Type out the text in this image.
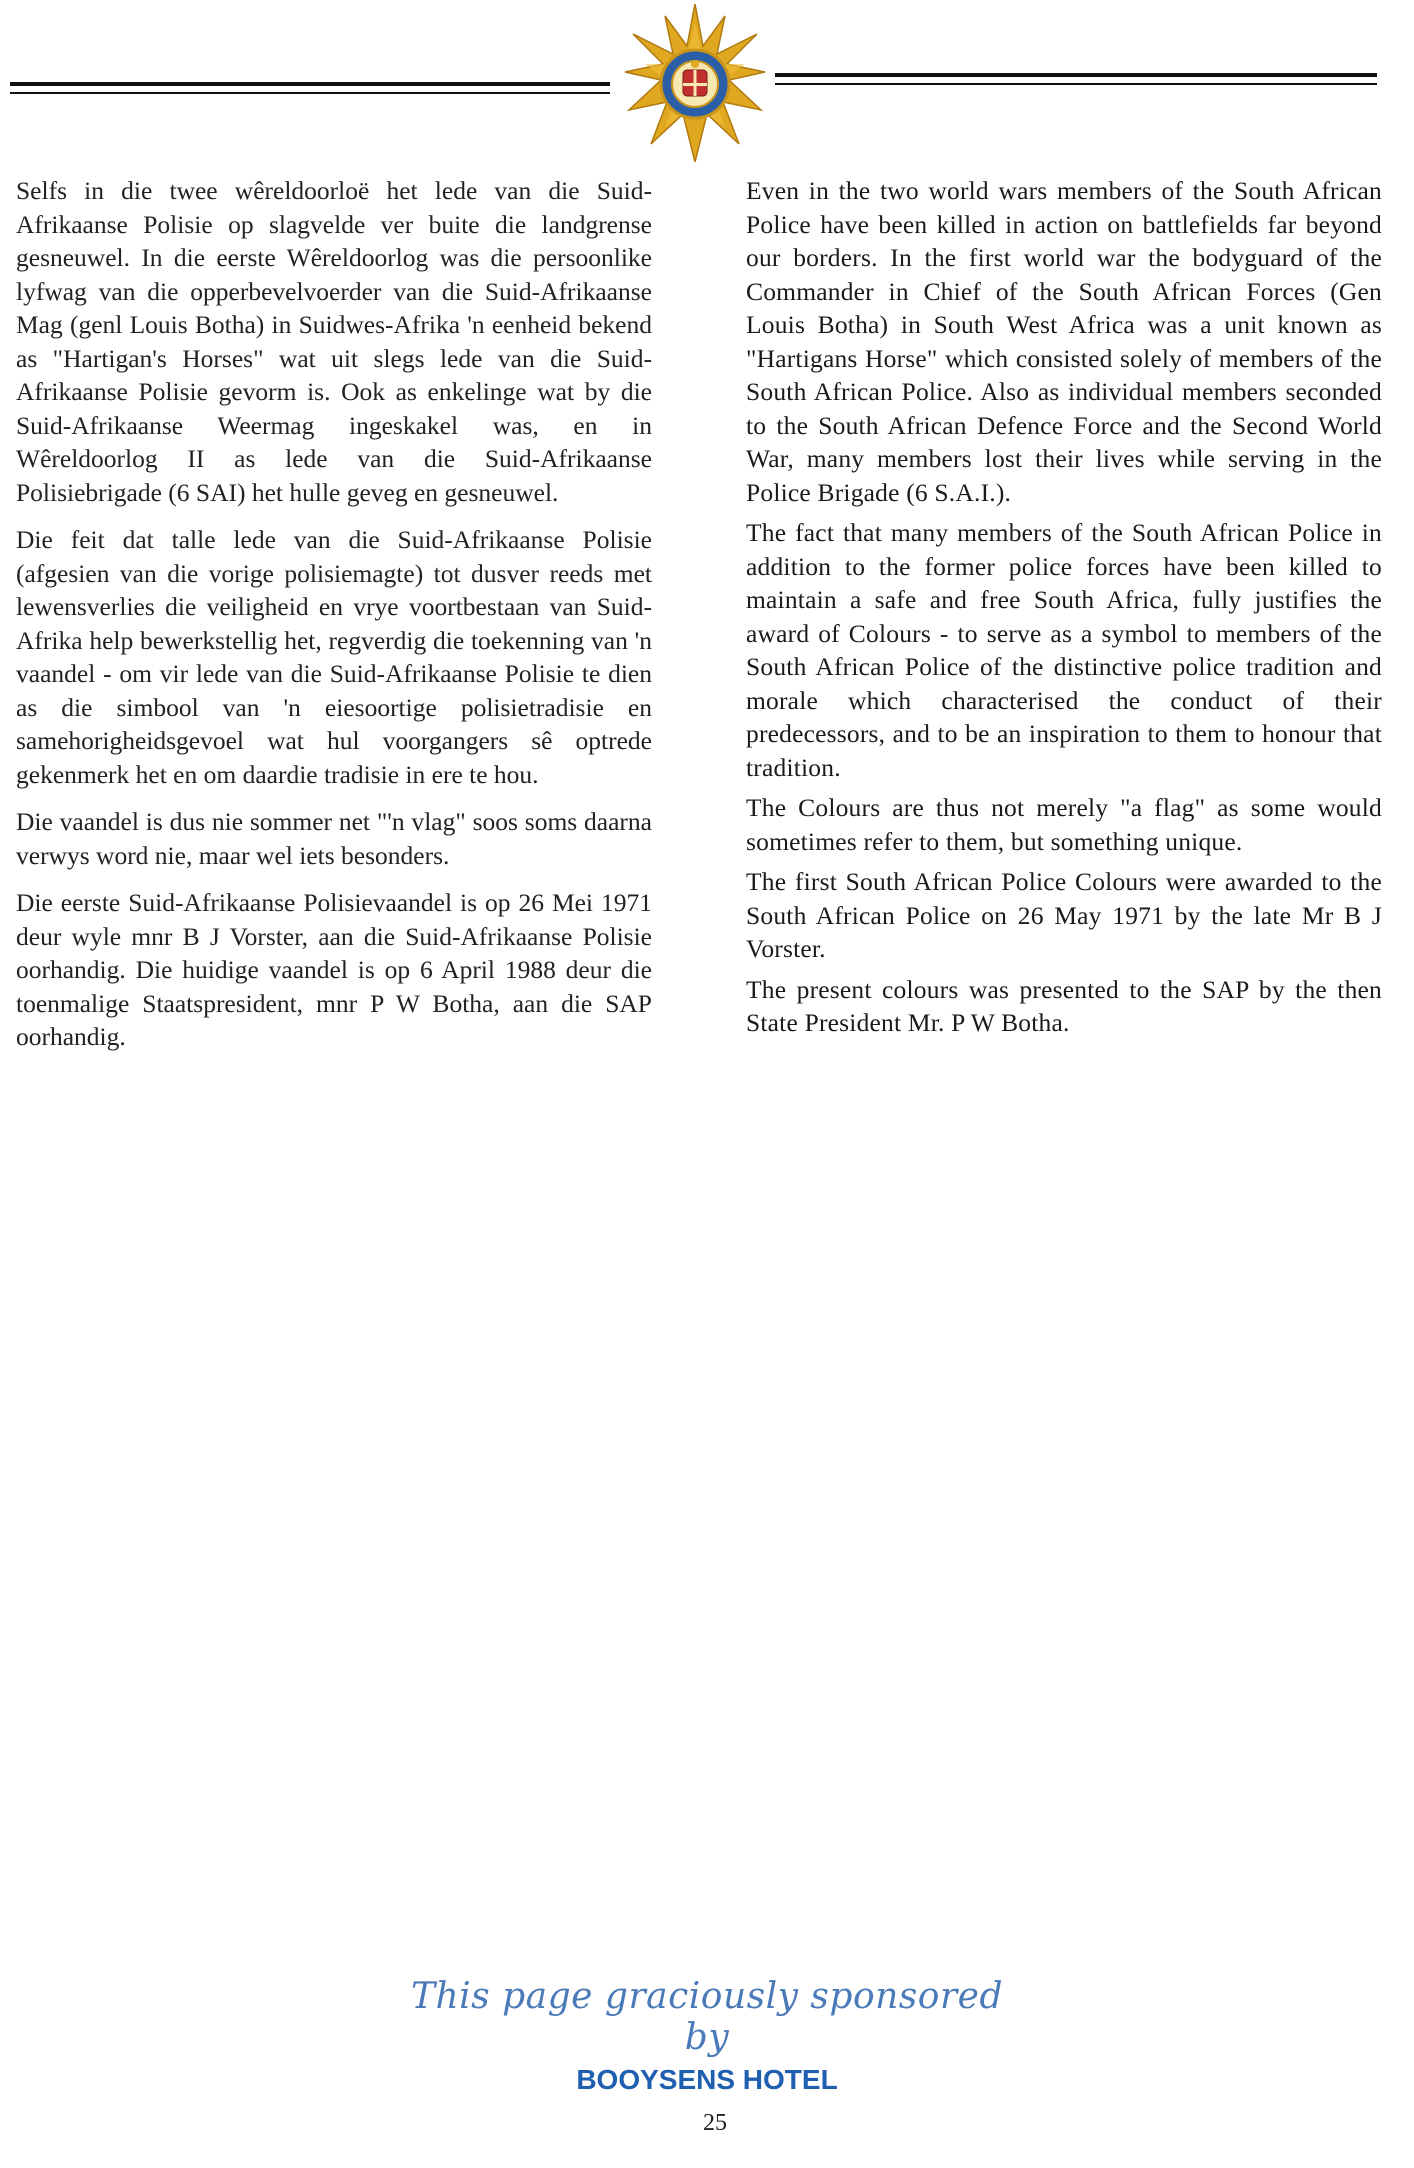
Selfs in die twee wêreldoorloë het lede van die Suid-Afrikaanse Polisie op slagvelde ver buite die landgrense gesneuwel. In die eerste Wêreldoorlog was die persoonlike lyfwag van die opperbevelvoerder van die Suid-Afrikaanse Mag (genl Louis Botha) in Suidwes-Afrika 'n eenheid bekend as "Hartigan's Horses" wat uit slegs lede van die Suid-Afrikaanse Polisie gevorm is. Ook as enkelinge wat by die Suid-Afrikaanse Weermag ingeskakel was, en in Wêreldoorlog II as lede van die Suid-Afrikaanse Polisiebrigade (6 SAI) het hulle geveg en gesneuwel.

Die feit dat talle lede van die Suid-Afrikaanse Polisie (afgesien van die vorige polisiemagte) tot dusver reeds met lewensverlies die veiligheid en vrye voortbestaan van Suid-Afrika help bewerkstellig het, regverdig die toekenning van 'n vaandel - om vir lede van die Suid-Afrikaanse Polisie te dien as die simbool van 'n eiesoortige polisietradisie en samehorigheidsgevoel wat hul voorgangers sê optrede gekenmerk het en om daardie tradisie in ere te hou.

Die vaandel is dus nie sommer net "'n vlag" soos soms daarna verwys word nie, maar wel iets besonders.

Die eerste Suid-Afrikaanse Polisievaandel is op 26 Mei 1971 deur wyle mnr B J Vorster, aan die Suid-Afrikaanse Polisie oorhandig. Die huidige vaandel is op 6 April 1988 deur die toenmalige Staatspresident, mnr P W Botha, aan die SAP oorhandig.

Even in the two world wars members of the South African Police have been killed in action on battlefields far beyond our borders. In the first world war the bodyguard of the Commander in Chief of the South African Forces (Gen Louis Botha) in South West Africa was a unit known as "Hartigans Horse" which consisted solely of members of the South African Police. Also as individual members seconded to the South African Defence Force and the Second World War, many members lost their lives while serving in the Police Brigade (6 S.A.I.).

The fact that many members of the South African Police in addition to the former police forces have been killed to maintain a safe and free South Africa, fully justifies the award of Colours - to serve as a symbol to members of the South African Police of the distinctive police tradition and morale which characterised the conduct of their predecessors, and to be an inspiration to them to honour that tradition.

The Colours are thus not merely "a flag" as some would sometimes refer to them, but something unique.

The first South African Police Colours were awarded to the South African Police on 26 May 1971 by the late Mr B J Vorster.

The present colours was presented to the SAP by the then State President Mr. P W Botha.

This page graciously sponsored by
BOOYSENS HOTEL
25
